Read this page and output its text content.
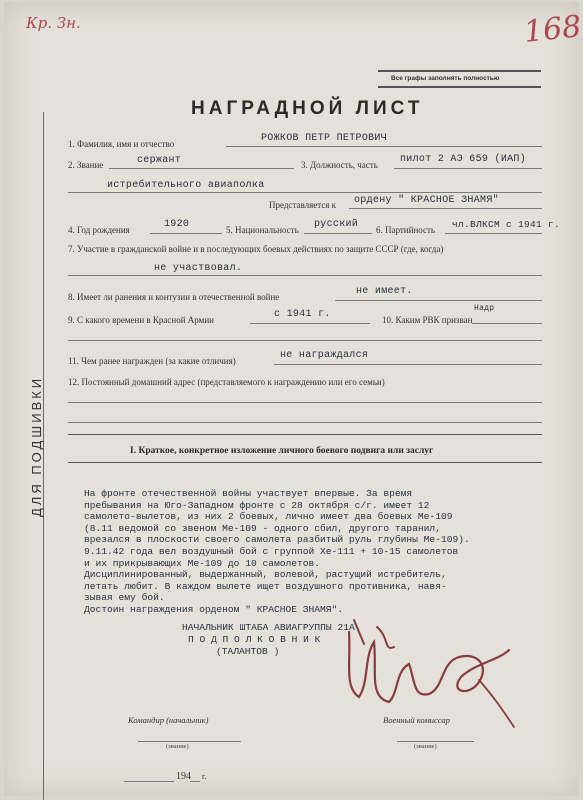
Кр. Зн.	168
Все графы заполнять полностью
НАГРАДНОЙ ЛИСТ
ДЛЯ ПОДШИВКИ
1. Фамилия, имя и отчество	РОЖКОВ ПЕТР ПЕТРОВИЧ
2. Звание	сержант	3. Должность, часть пилот 2 АЭ 659 (ИАП)
истребительного авиаполка
Представляется к ордену " КРАСНОЕ ЗНАМЯ"
4. Год рождения	1920	5. Национальность русский 6. Партийность чл.ВЛКСМ с 1941 г.
7. Участие в гражданской войне и в последующих боевых действиях по защите СССР (где, когда)
не участвовал.
8. Имеет ли ранения и контузии в отечественной войне	не имеет.
9. С какого времени в Красной Армии	с 1941 г.	10. Каким РВК призван
Надр
11. Чем ранее награжден (за какие отличия)	не награждался
12. Постоянный домашний адрес (представляемого к награждению или его семьи)
I. Краткое, конкретное изложение личного боевого подвига или заслуг
На фронте отечественной войны участвует впервые. За время
пребывания на Юго-Западном фронте с 28 октября с/г. имеет 12
самолето-вылетов, из них 2 боевых, лично имеет два боевых Ме-109
(8.11 ведомой со звеном Ме-109 - одного сбил, другого таранил,
врезался в плоскости своего самолета разбитый руль глубины Ме-109).
9.11.42 года вел воздушный бой с группой Хе-111 + 10-15 самолетов
и их прикрывающих Ме-109 до 10 самолетов.
Дисциплинированный, выдержанный, волевой, растущий истребитель,
летать любит. В каждом вылете ищет воздушного противника, навя-
зывая ему бой.
Достоин награждения орденом " КРАСНОЕ ЗНАМЯ".
НАЧАЛЬНИК ШТАБА АВИАГРУППЫ 21А
П О Д П О Л К О В Н И К
(ТАЛАНТОВ )
Командир (начальник)	Военный комиссар
(звание)	(звание)
194 г.
